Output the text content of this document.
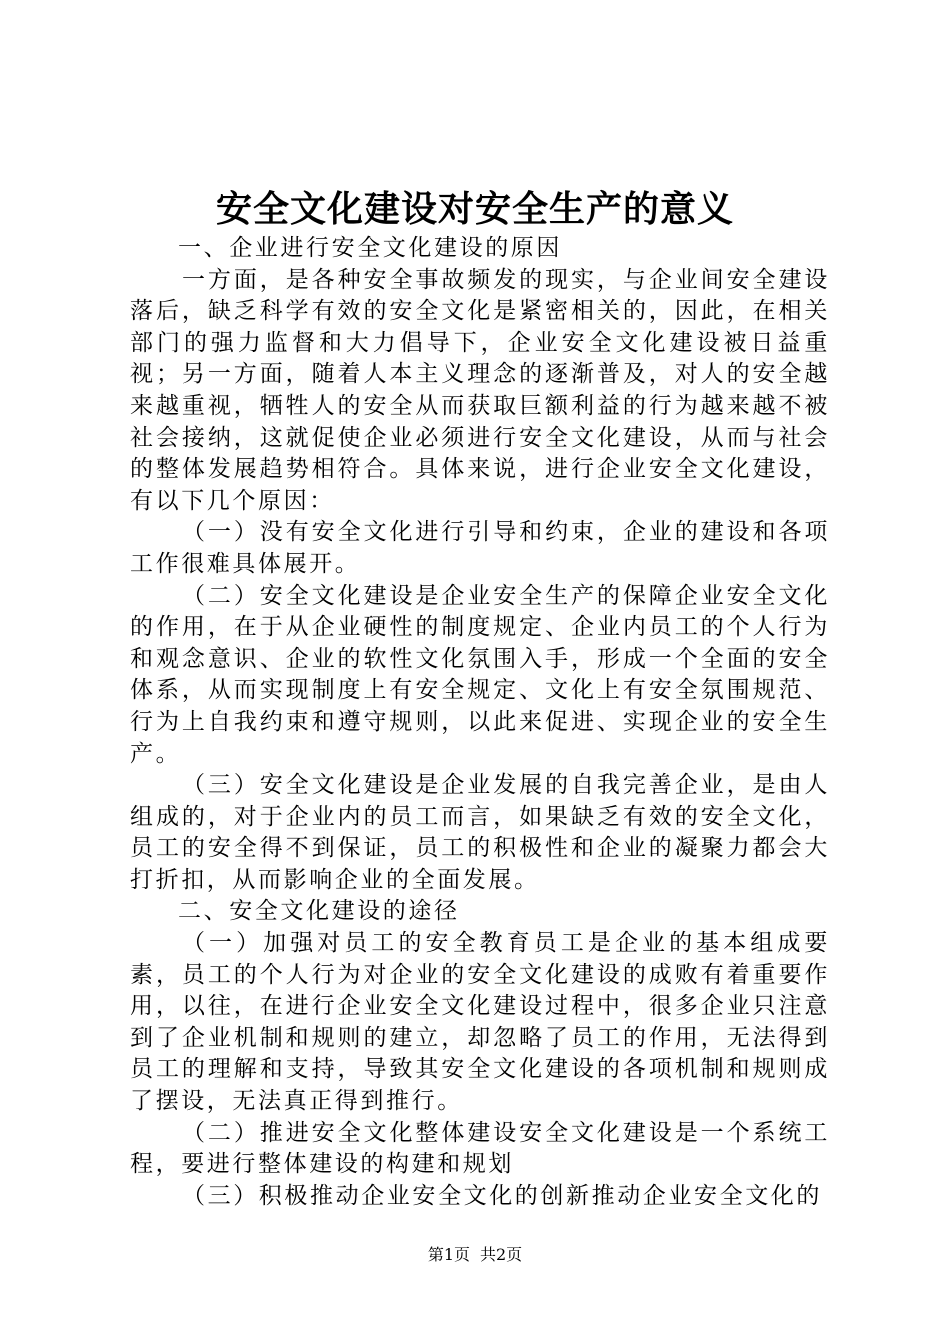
安全文化建设对安全生产的意义

一、企业进行安全文化建设的原因

一方面，是各种安全事故频发的现实，与企业间安全建设落后，缺乏科学有效的安全文化是紧密相关的，因此，在相关部门的强力监督和大力倡导下，企业安全文化建设被日益重视；另一方面，随着人本主义理念的逐渐普及，对人的安全越来越重视，牺牲人的安全从而获取巨额利益的行为越来越不被社会接纳，这就促使企业必须进行安全文化建设，从而与社会的整体发展趋势相符合。具体来说，进行企业安全文化建设，有以下几个原因：

（一）没有安全文化进行引导和约束，企业的建设和各项工作很难具体展开。

（二）安全文化建设是企业安全生产的保障企业安全文化的作用，在于从企业硬性的制度规定、企业内员工的个人行为和观念意识、企业的软性文化氛围入手，形成一个全面的安全体系，从而实现制度上有安全规定、文化上有安全氛围规范、行为上自我约束和遵守规则，以此来促进、实现企业的安全生产。

（三）安全文化建设是企业发展的自我完善企业，是由人组成的，对于企业内的员工而言，如果缺乏有效的安全文化，员工的安全得不到保证，员工的积极性和企业的凝聚力都会大打折扣，从而影响企业的全面发展。

二、安全文化建设的途径

（一）加强对员工的安全教育员工是企业的基本组成要素，员工的个人行为对企业的安全文化建设的成败有着重要作用，以往，在进行企业安全文化建设过程中，很多企业只注意到了企业机制和规则的建立，却忽略了员工的作用，无法得到员工的理解和支持，导致其安全文化建设的各项机制和规则成了摆设，无法真正得到推行。

（二）推进安全文化整体建设安全文化建设是一个系统工程，要进行整体建设的构建和规划

（三）积极推动企业安全文化的创新推动企业安全文化的

第1页 共2页
